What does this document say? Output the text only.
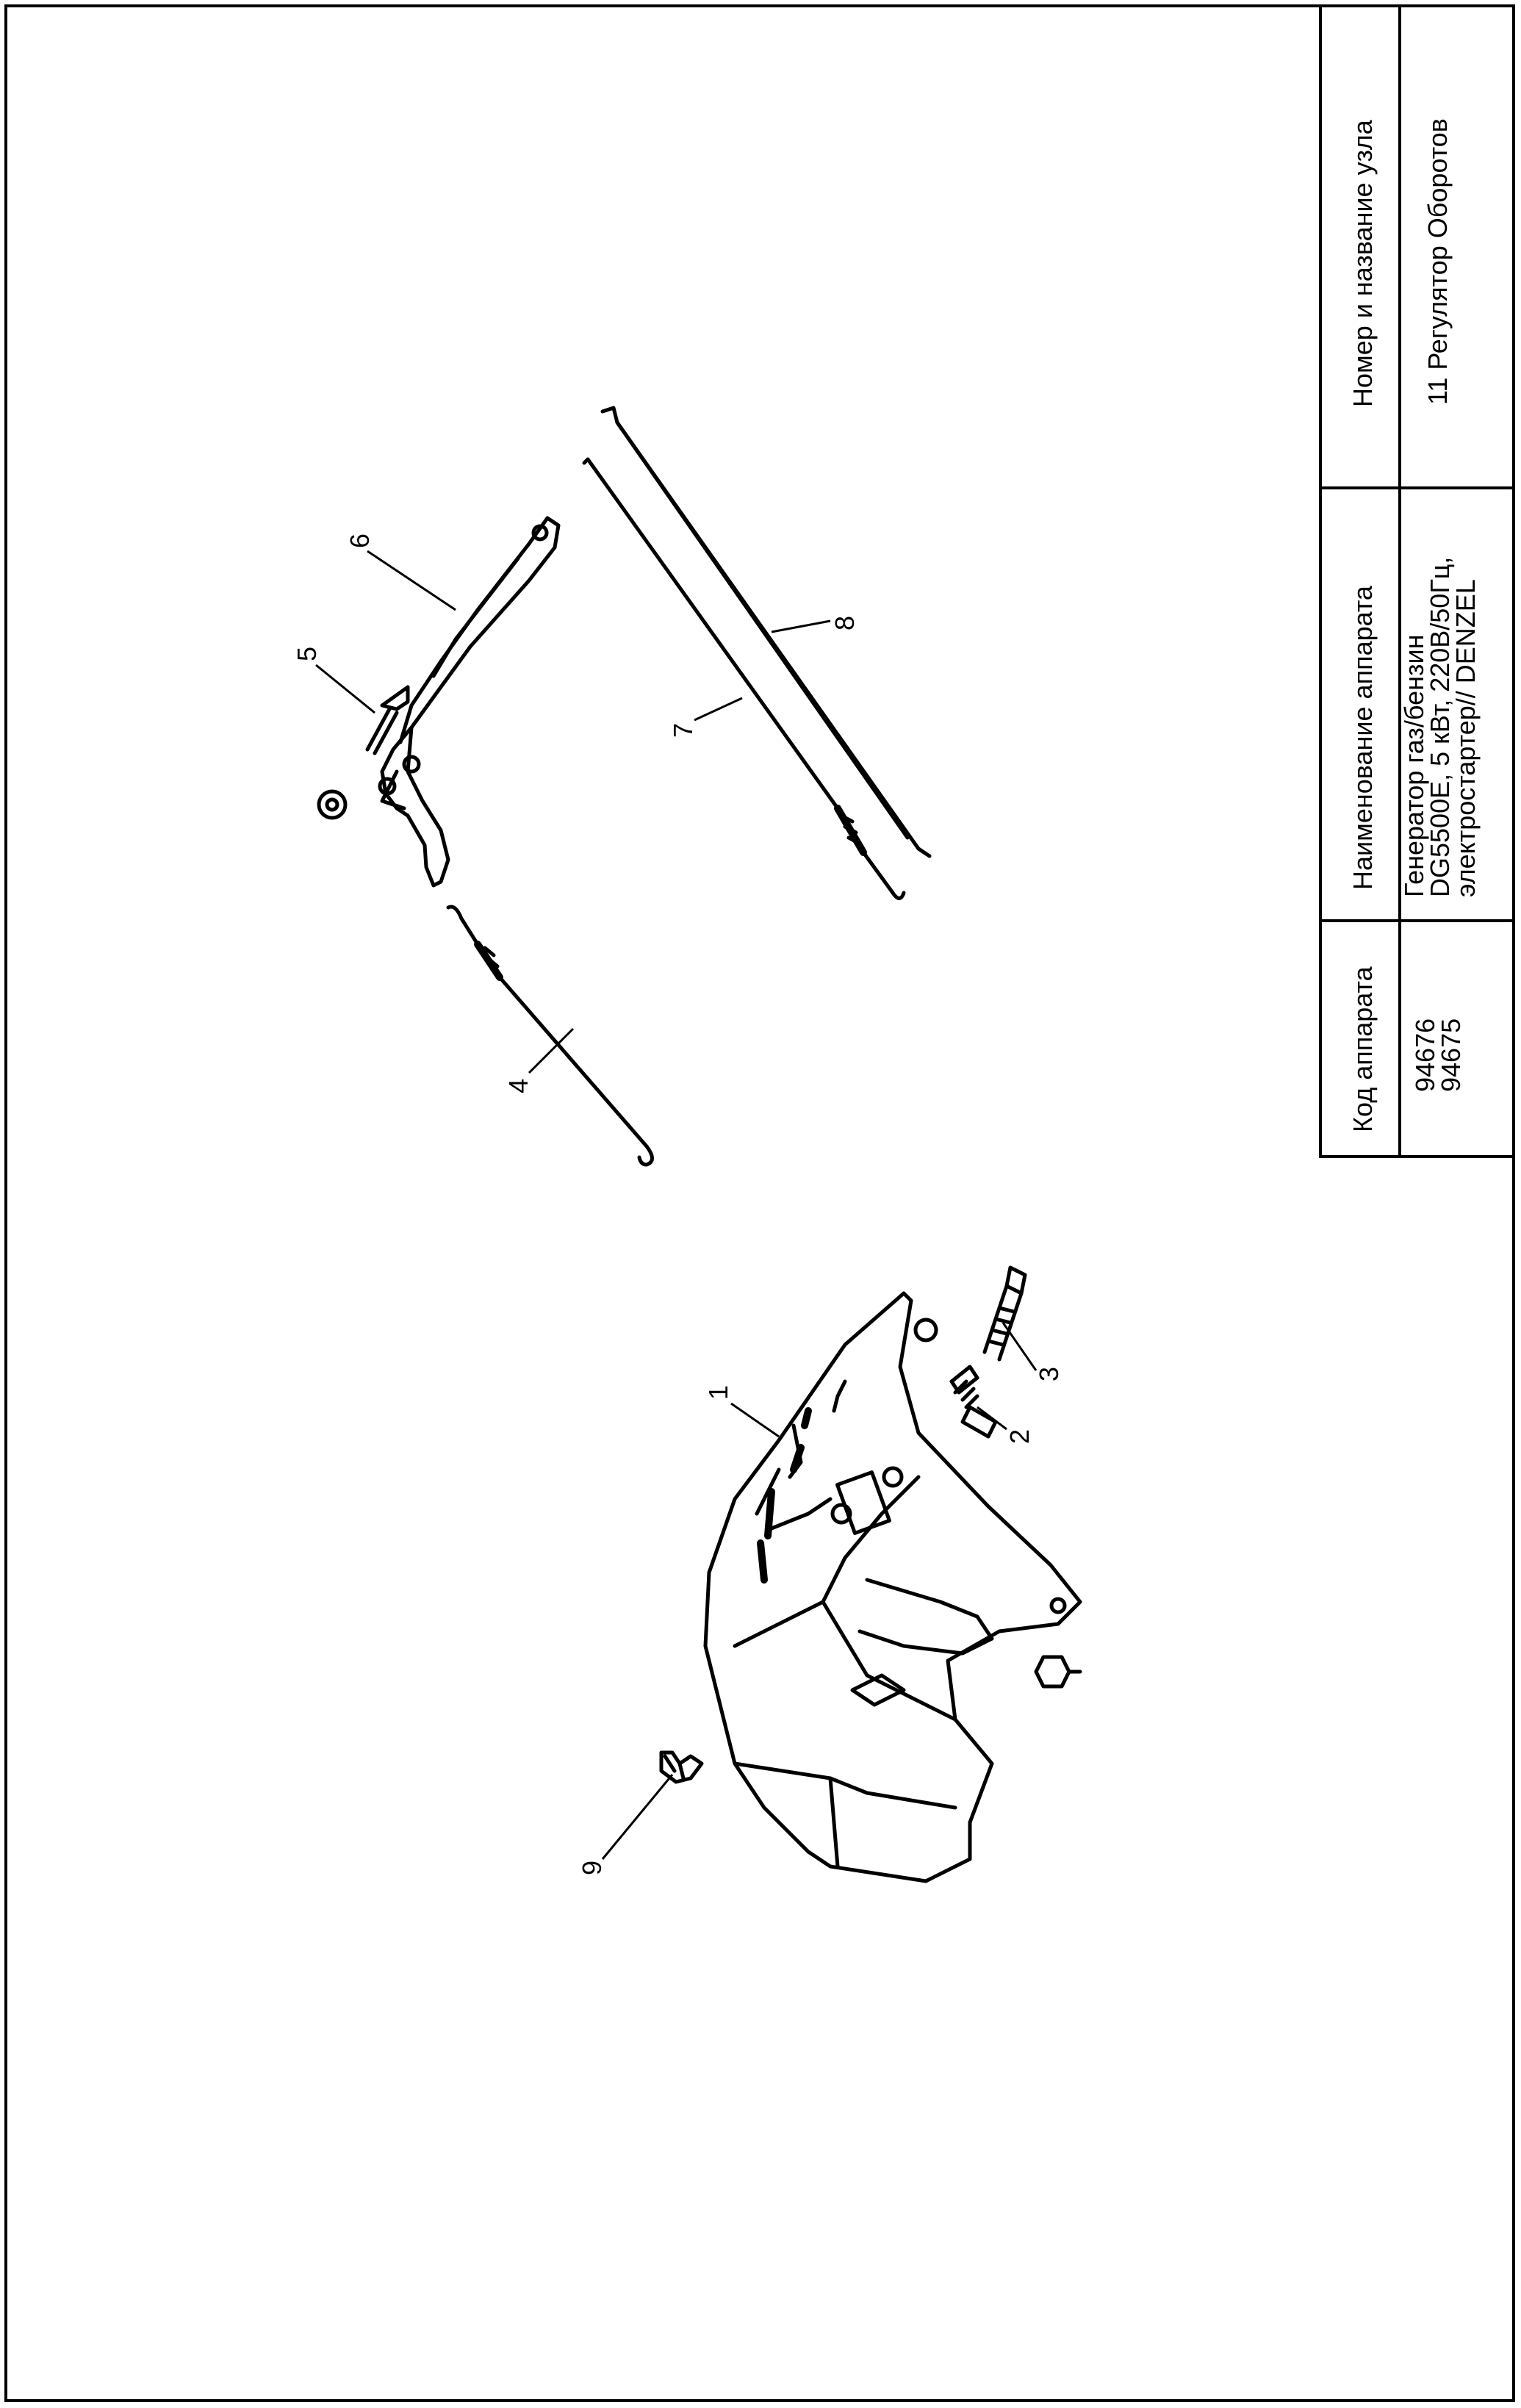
1
2
3
4
5
6
7
8
9
Номер и название узла
Наименование аппарата
Код аппарата
11 Регулятор Оборотов
Генератор газ/бензин
DG5500E, 5 кВт, 220В/50Гц,
электростартер// DENZEL
94676
94675
